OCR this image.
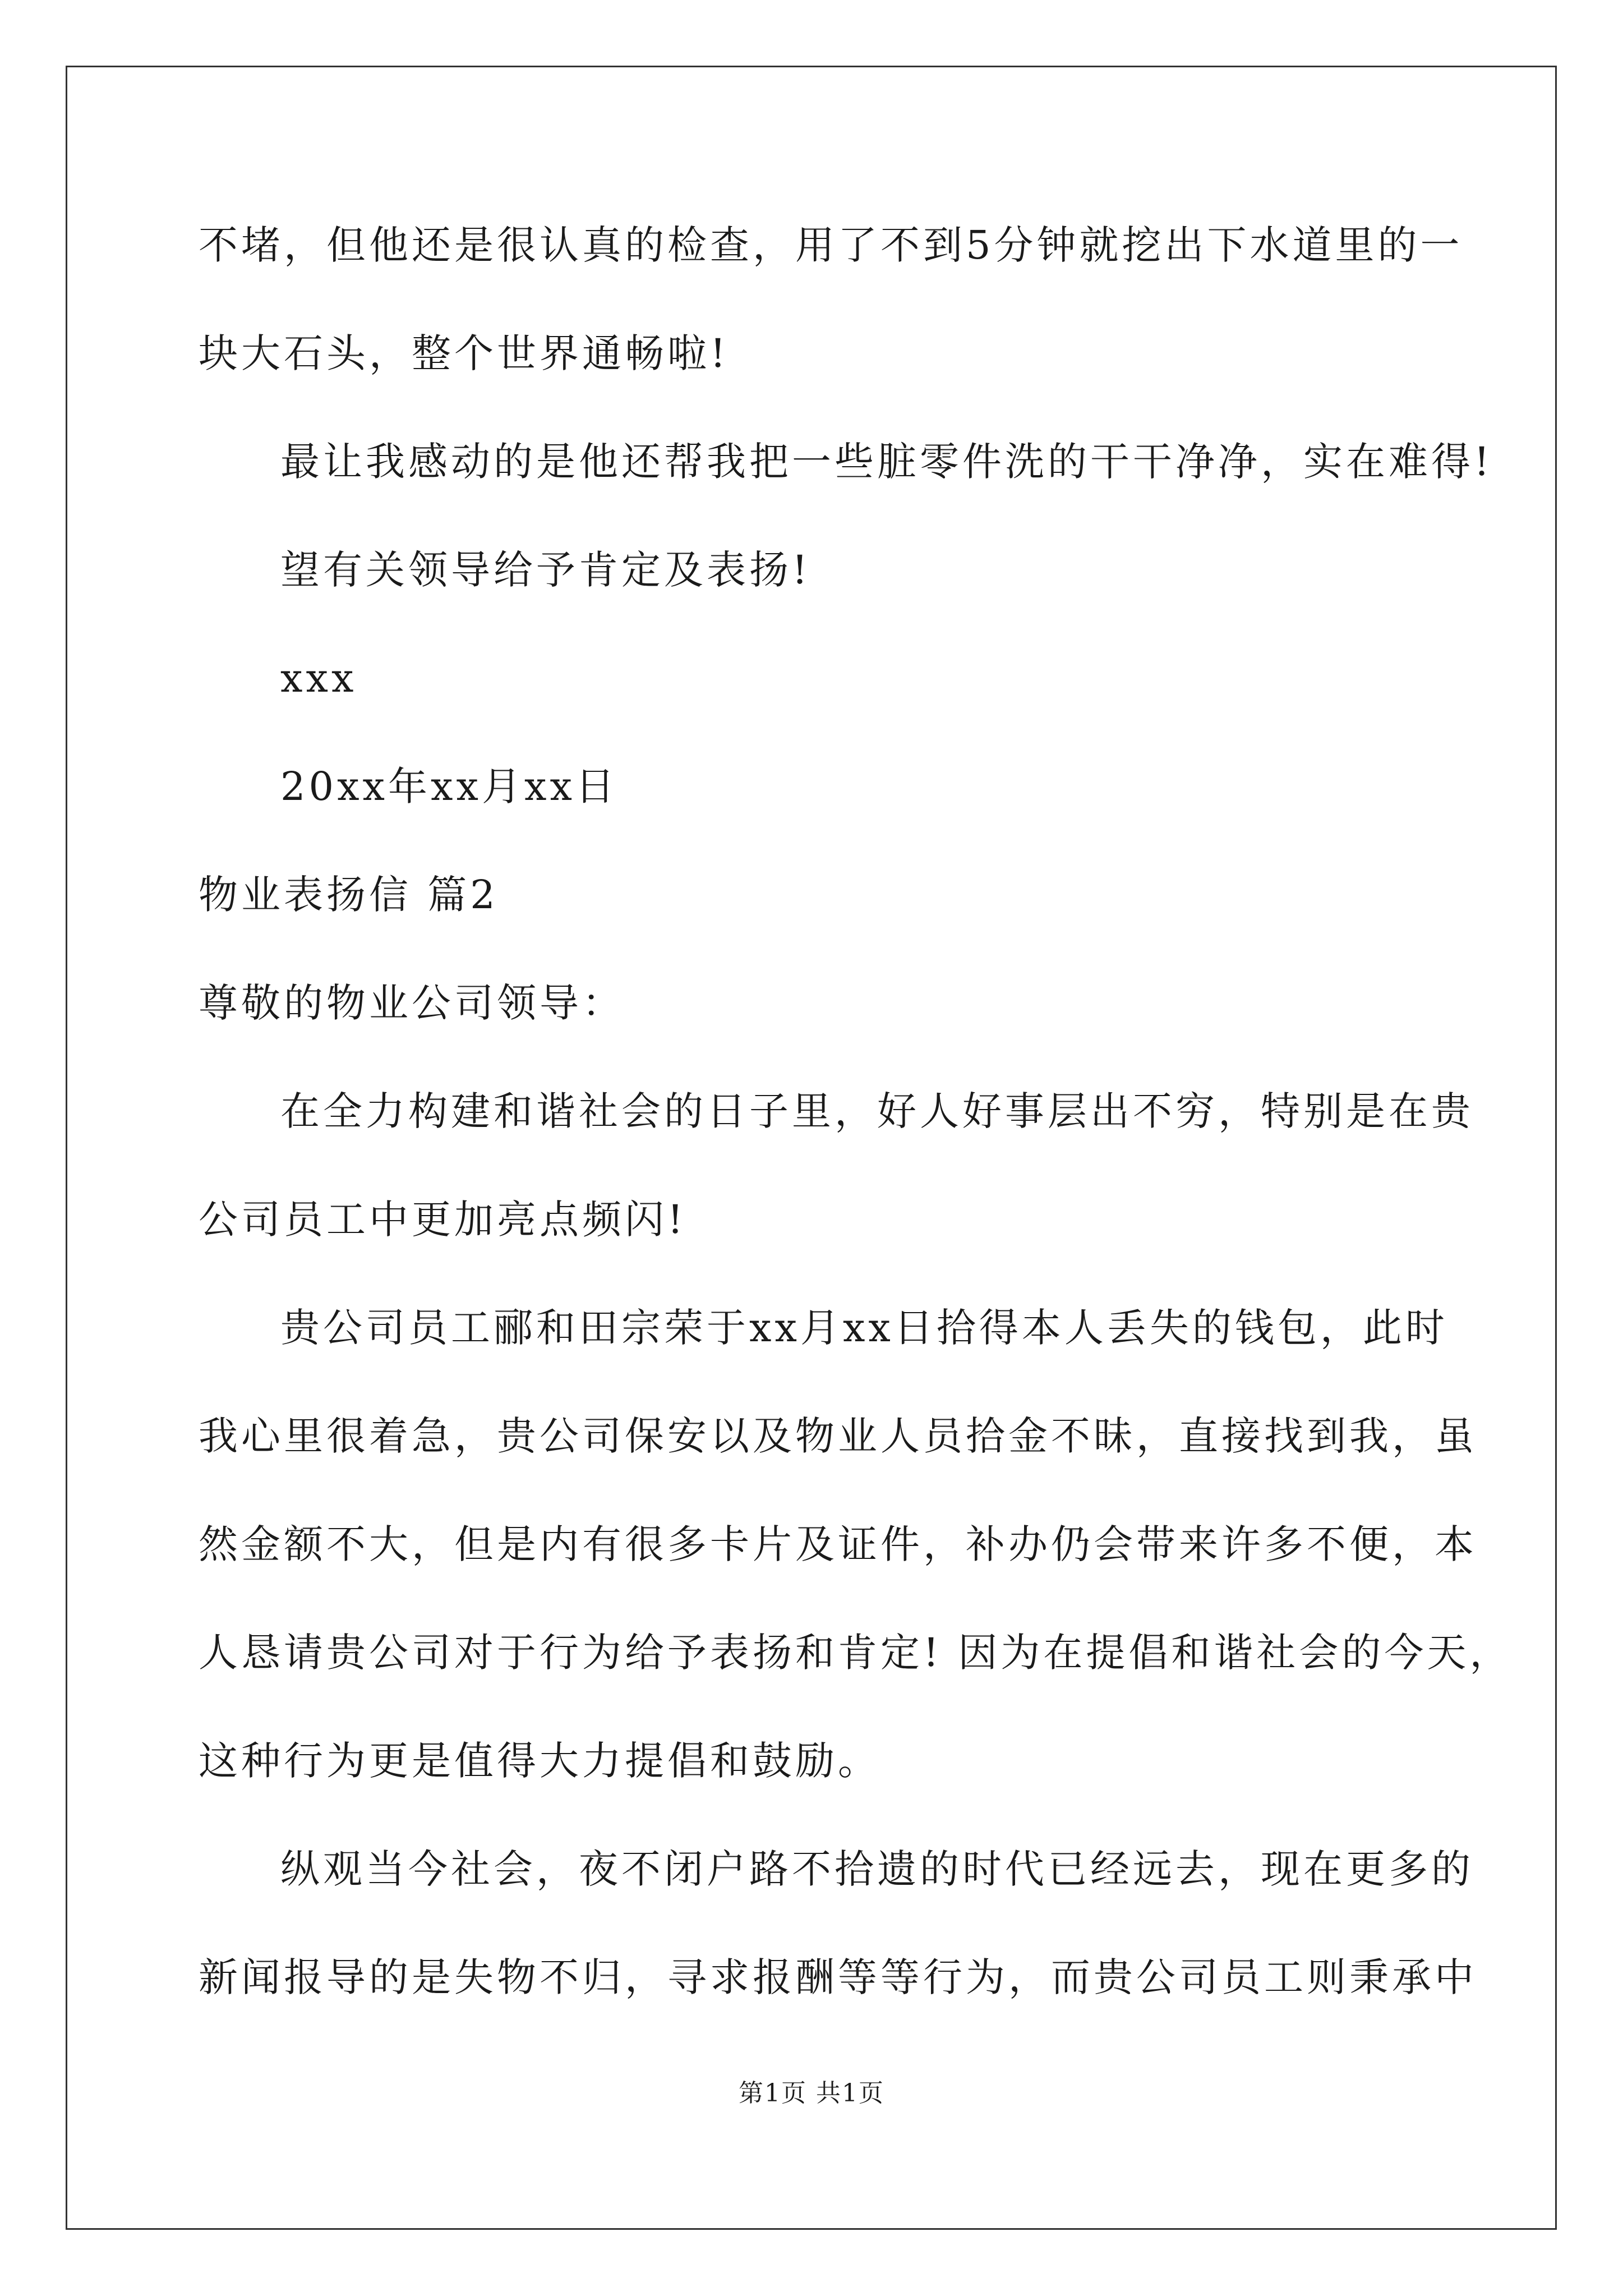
不堵，但他还是很认真的检查，用了不到5分钟就挖出下水道里的一
块大石头，整个世界通畅啦!
最让我感动的是他还帮我把一些脏零件洗的干干净净，实在难得!
望有关领导给予肯定及表扬!
xxx
20xx年xx月xx日
物业表扬信 篇2
尊敬的物业公司领导：
在全力构建和谐社会的日子里，好人好事层出不穷，特别是在贵
公司员工中更加亮点频闪!
贵公司员工郦和田宗荣于xx月xx日拾得本人丢失的钱包，此时
我心里很着急，贵公司保安以及物业人员拾金不昧，直接找到我，虽
然金额不大，但是内有很多卡片及证件，补办仍会带来许多不便，本
人恳请贵公司对于行为给予表扬和肯定! 因为在提倡和谐社会的今天，
这种行为更是值得大力提倡和鼓励。
纵观当今社会，夜不闭户路不拾遗的时代已经远去，现在更多的
新闻报导的是失物不归，寻求报酬等等行为，而贵公司员工则秉承中
第1页 共1页
